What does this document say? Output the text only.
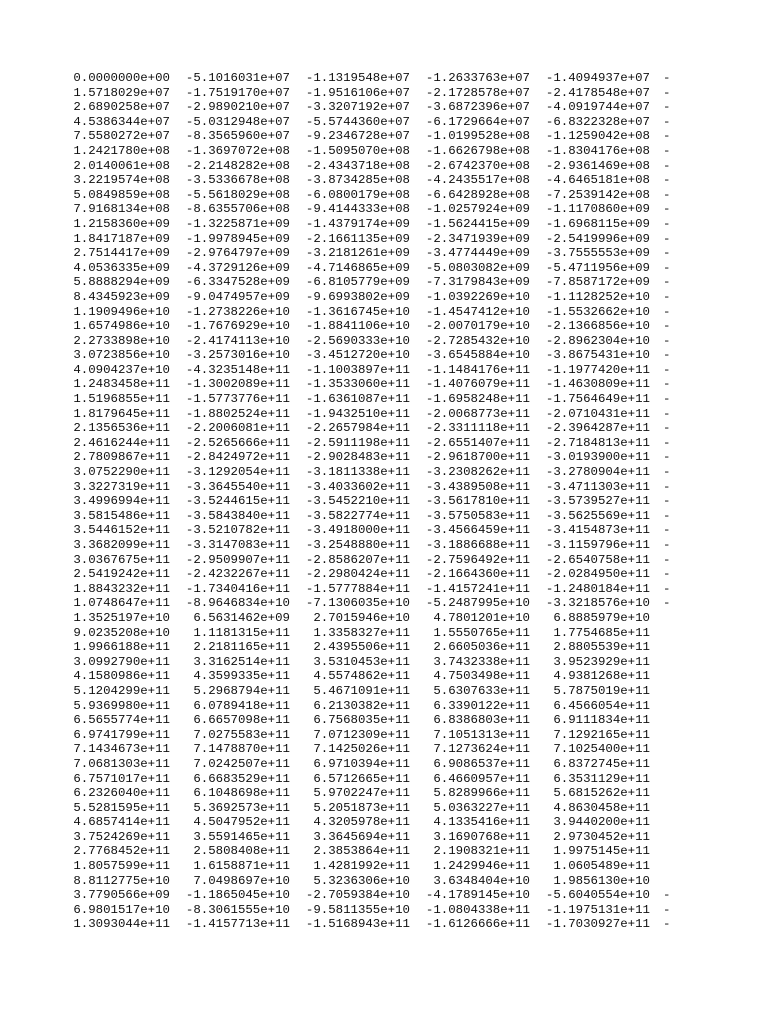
0.0000000e+00	-5.1016031e+07	-1.1319548e+07	-1.2633763e+07	-1.4094937e+07 -
1.5718029e+07	-1.7519170e+07	-1.9516106e+07	-2.1728578e+07	-2.4178548e+07 -
2.6890258e+07	-2.9890210e+07	-3.3207192e+07	-3.6872396e+07	-4.0919744e+07 -
4.5386344e+07	-5.0312948e+07	-5.5744360e+07	-6.1729664e+07	-6.8322328e+07 -
7.5580272e+07	-8.3565960e+07	-9.2346728e+07	-1.0199528e+08	-1.1259042e+08 -
1.2421780e+08	-1.3697072e+08	-1.5095070e+08	-1.6626798e+08	-1.8304176e+08 -
2.0140061e+08	-2.2148282e+08	-2.4343718e+08	-2.6742370e+08	-2.9361469e+08 -
3.2219574e+08	-3.5336678e+08	-3.8734285e+08	-4.2435517e+08	-4.6465181e+08 -
5.0849859e+08	-5.5618029e+08	-6.0800179e+08	-6.6428928e+08	-7.2539142e+08 -
7.9168134e+08	-8.6355706e+08	-9.4144333e+08	-1.0257924e+09	-1.1170860e+09 -
1.2158360e+09	-1.3225871e+09	-1.4379174e+09	-1.5624415e+09	-1.6968115e+09 -
1.8417187e+09	-1.9978945e+09	-2.1661135e+09	-2.3471939e+09	-2.5419996e+09 -
2.7514417e+09	-2.9764797e+09	-3.2181261e+09	-3.4774449e+09	-3.7555553e+09 -
4.0536335e+09	-4.3729126e+09	-4.7146865e+09	-5.0803082e+09	-5.4711956e+09 -
5.8888294e+09	-6.3347528e+09	-6.8105779e+09	-7.3179843e+09	-7.8587172e+09 -
8.4345923e+09	-9.0474957e+09	-9.6993802e+09	-1.0392269e+10	-1.1128252e+10 -
1.1909496e+10	-1.2738226e+10	-1.3616745e+10	-1.4547412e+10	-1.5532662e+10 -
1.6574986e+10	-1.7676929e+10	-1.8841106e+10	-2.0070179e+10	-2.1366856e+10 -
2.2733898e+10	-2.4174113e+10	-2.5690333e+10	-2.7285432e+10	-2.8962304e+10 -
3.0723856e+10	-3.2573016e+10	-3.4512720e+10	-3.6545884e+10	-3.8675431e+10 -
4.0904237e+10	-4.3235148e+11	-1.1003897e+11	-1.1484176e+11	-1.1977420e+11 -
1.2483458e+11	-1.3002089e+11	-1.3533060e+11	-1.4076079e+11	-1.4630809e+11 -
1.5196855e+11	-1.5773776e+11	-1.6361087e+11	-1.6958248e+11	-1.7564649e+11 -
1.8179645e+11	-1.8802524e+11	-1.9432510e+11	-2.0068773e+11	-2.0710431e+11 -
2.1356536e+11	-2.2006081e+11	-2.2657984e+11	-2.3311118e+11	-2.3964287e+11 -
2.4616244e+11	-2.5265666e+11	-2.5911198e+11	-2.6551407e+11	-2.7184813e+11 -
2.7809867e+11	-2.8424972e+11	-2.9028483e+11	-2.9618700e+11	-3.0193900e+11 -
3.0752290e+11	-3.1292054e+11	-3.1811338e+11	-3.2308262e+11	-3.2780904e+11 -
3.3227319e+11	-3.3645540e+11	-3.4033602e+11	-3.4389508e+11	-3.4711303e+11 -
3.4996994e+11	-3.5244615e+11	-3.5452210e+11	-3.5617810e+11	-3.5739527e+11 -
3.5815486e+11	-3.5843840e+11	-3.5822774e+11	-3.5750583e+11	-3.5625569e+11 -
3.5446152e+11	-3.5210782e+11	-3.4918000e+11	-3.4566459e+11	-3.4154873e+11 -
3.3682099e+11	-3.3147083e+11	-3.2548880e+11	-3.1886688e+11	-3.1159796e+11 -
3.0367675e+11	-2.9509907e+11	-2.8586207e+11	-2.7596492e+11	-2.6540758e+11 -
2.5419242e+11	-2.4232267e+11	-2.2980424e+11	-2.1664360e+11	-2.0284950e+11 -
1.8843232e+11	-1.7340416e+11	-1.5777884e+11	-1.4157241e+11	-1.2480184e+11 -
1.0748647e+11	-8.9646834e+10	-7.1306035e+10	-5.2487995e+10	-3.3218576e+10 -
1.3525197e+10	6.5631462e+09	2.7015946e+10	4.7801201e+10	6.8885979e+10
9.0235208e+10	1.1181315e+11	1.3358327e+11	1.5550765e+11	1.7754685e+11
1.9966188e+11	2.2181165e+11	2.4395506e+11	2.6605036e+11	2.8805539e+11
3.0992790e+11	3.3162514e+11	3.5310453e+11	3.7432338e+11	3.9523929e+11
4.1580986e+11	4.3599335e+11	4.5574862e+11	4.7503498e+11	4.9381268e+11
5.1204299e+11	5.2968794e+11	5.4671091e+11	5.6307633e+11	5.7875019e+11
5.9369980e+11	6.0789418e+11	6.2130382e+11	6.3390122e+11	6.4566054e+11
6.5655774e+11	6.6657098e+11	6.7568035e+11	6.8386803e+11	6.9111834e+11
6.9741799e+11	7.0275583e+11	7.0712309e+11	7.1051313e+11	7.1292165e+11
7.1434673e+11	7.1478870e+11	7.1425026e+11	7.1273624e+11	7.1025400e+11
7.0681303e+11	7.0242507e+11	6.9710394e+11	6.9086537e+11	6.8372745e+11
6.7571017e+11	6.6683529e+11	6.5712665e+11	6.4660957e+11	6.3531129e+11
6.2326040e+11	6.1048698e+11	5.9702247e+11	5.8289966e+11	5.6815262e+11
5.5281595e+11	5.3692573e+11	5.2051873e+11	5.0363227e+11	4.8630458e+11
4.6857414e+11	4.5047952e+11	4.3205978e+11	4.1335416e+11	3.9440200e+11
3.7524269e+11	3.5591465e+11	3.3645694e+11	3.1690768e+11	2.9730452e+11
2.7768452e+11	2.5808408e+11	2.3853864e+11	2.1908321e+11	1.9975145e+11
1.8057599e+11	1.6158871e+11	1.4281992e+11	1.2429946e+11	1.0605489e+11
8.8112775e+10	7.0498697e+10	5.3236306e+10	3.6348404e+10	1.9856130e+10
3.7790566e+09	-1.1865045e+10	-2.7059384e+10	-4.1789145e+10	-5.6040554e+10 -
6.9801517e+10	-8.3061555e+10	-9.5811355e+10	-1.0804338e+11	-1.1975131e+11 -
1.3093044e+11	-1.4157713e+11	-1.5168943e+11	-1.6126666e+11	-1.7030927e+11 -
